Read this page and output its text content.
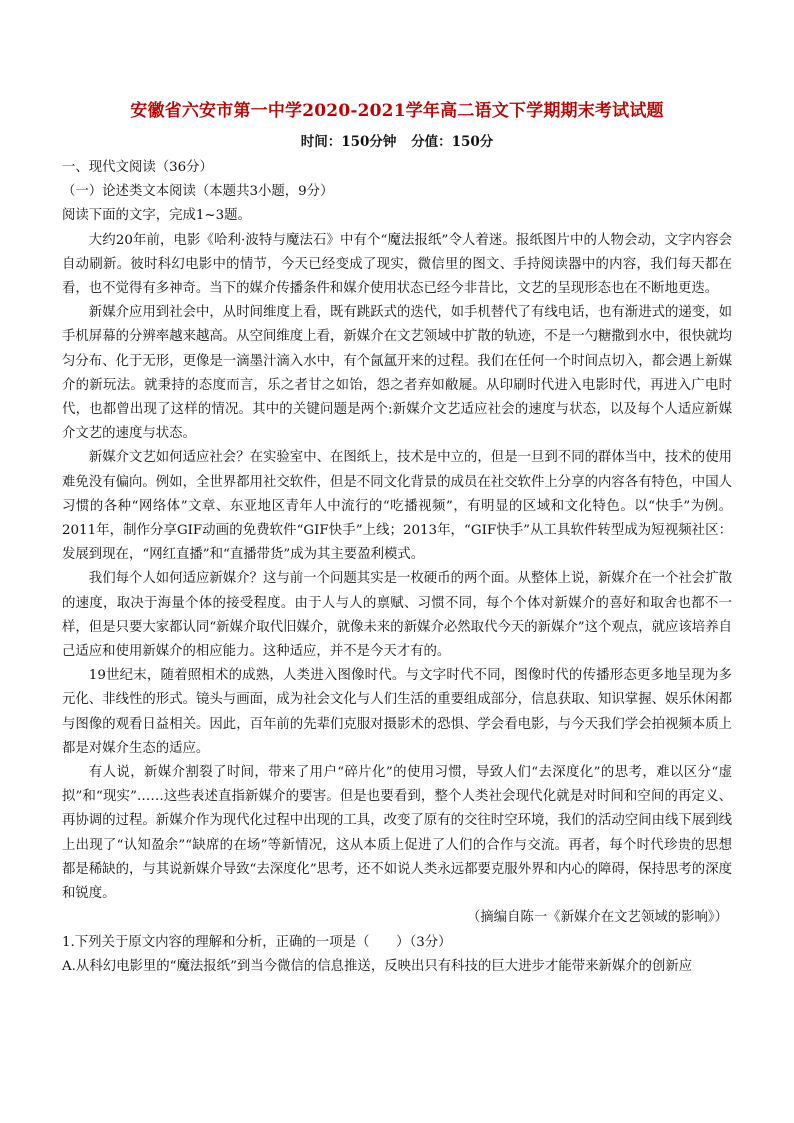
安徽省六安市第一中学2020-2021学年高二语文下学期期末考试试题
时间：150分钟 分值：150分

一、现代文阅读（36分）

（一）论述类文本阅读（本题共3小题，9分）

阅读下面的文字，完成1~3题。

大约20年前，电影《哈利·波特与魔法石》中有个“魔法报纸”令人着迷。报纸图片中的人物会动，文字内容会自动刷新。彼时科幻电影中的情节，今天已经变成了现实，微信里的图文、手持阅读器中的内容，我们每天都在看，也不觉得有多神奇。当下的媒介传播条件和媒介使用状态已经今非昔比，文艺的呈现形态也在不断地更迭。

新媒介应用到社会中，从时间维度上看，既有跳跃式的迭代，如手机替代了有线电话，也有渐进式的递变，如手机屏幕的分辨率越来越高。从空间维度上看，新媒介在文艺领域中扩散的轨迹，不是一勺糖撒到水中，很快就均匀分布、化于无形，更像是一滴墨汁滴入水中，有个氤氲开来的过程。我们在任何一个时间点切入，都会遇上新媒介的新玩法。就秉持的态度而言，乐之者甘之如饴，怨之者弃如敝屣。从印刷时代进入电影时代，再进入广电时代，也都曾出现了这样的情况。其中的关键问题是两个:新媒介文艺适应社会的速度与状态，以及每个人适应新媒介文艺的速度与状态。

新媒介文艺如何适应社会？在实验室中、在图纸上，技术是中立的，但是一旦到不同的群体当中，技术的使用难免没有偏向。例如，全世界都用社交软件，但是不同文化背景的成员在社交软件上分享的内容各有特色，中国人习惯的各种“网络体”文章、东亚地区青年人中流行的“吃播视频”，有明显的区域和文化特色。以“快手”为例。2011年，制作分享GIF动画的免费软件“GIF快手”上线；2013年，“GIF快手”从工具软件转型成为短视频社区：发展到现在，“网红直播”和“直播带货”成为其主要盈利模式。

我们每个人如何适应新媒介？这与前一个问题其实是一枚硬币的两个面。从整体上说，新媒介在一个社会扩散的速度，取决于海量个体的接受程度。由于人与人的禀赋、习惯不同，每个个体对新媒介的喜好和取舍也都不一样，但是只要大家都认同“新媒介取代旧媒介，就像未来的新媒介必然取代今天的新媒介”这个观点，就应该培养自己适应和使用新媒介的相应能力。这种适应，并不是今天才有的。

19世纪末，随着照相术的成熟，人类进入图像时代。与文字时代不同，图像时代的传播形态更多地呈现为多元化、非线性的形式。镜头与画面，成为社会文化与人们生活的重要组成部分，信息获取、知识掌握、娱乐休闲都与图像的观看日益相关。因此，百年前的先辈们克服对摄影术的恐惧、学会看电影，与今天我们学会拍视频本质上都是对媒介生态的适应。

有人说，新媒介割裂了时间，带来了用户“碎片化”的使用习惯，导致人们“去深度化”的思考，难以区分“虚拟”和“现实”……这些表述直指新媒介的要害。但是也要看到，整个人类社会现代化就是对时间和空间的再定义、再协调的过程。新媒介作为现代化过程中出现的工具，改变了原有的交往时空环境，我们的活动空间由线下展到线上出现了“认知盈余”“缺席的在场”等新情况，这从本质上促进了人们的合作与交流。再者，每个时代珍贵的思想都是稀缺的，与其说新媒介导致“去深度化”思考，还不如说人类永远都要克服外界和内心的障碍，保持思考的深度和锐度。

（摘编自陈一《新媒介在文艺领域的影响》）

1.下列关于原文内容的理解和分析，正确的一项是（　　）（3分）

A.从科幻电影里的“魔法报纸”到当今微信的信息推送，反映出只有科技的巨大进步才能带来新媒介的创新应
